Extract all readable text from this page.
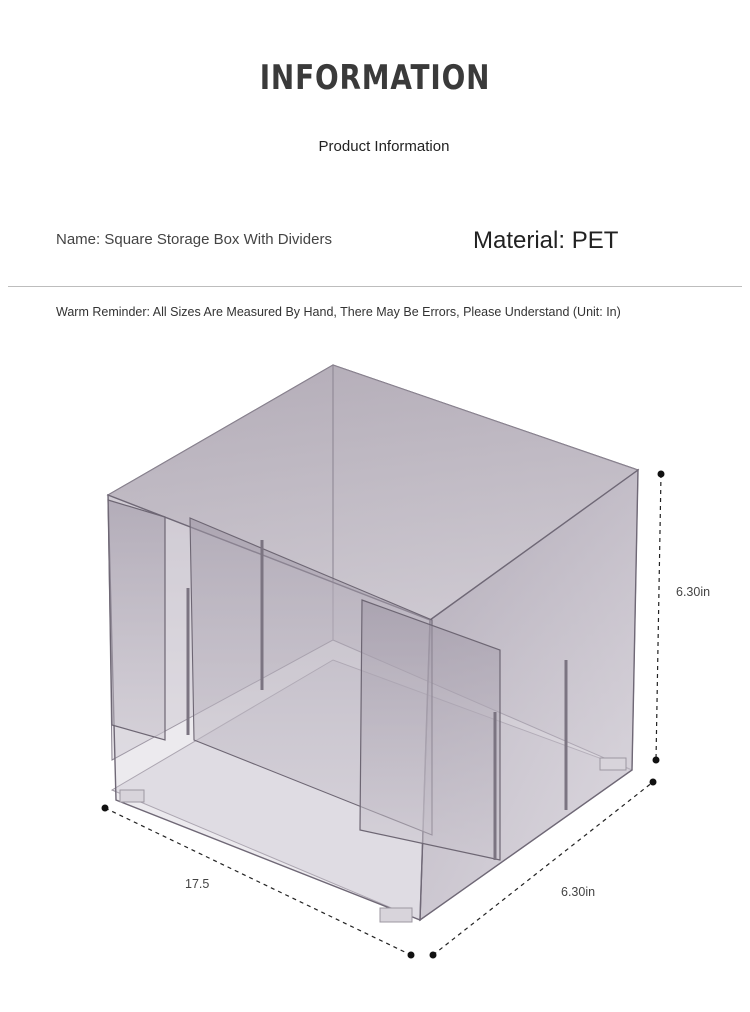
INFORMATION
Product Information
Name: Square Storage Box With Dividers	Material: PET
Warm Reminder: All Sizes Are Measured By Hand, There May Be Errors, Please Understand (Unit: In)
6.30in
17.5
6.30in
